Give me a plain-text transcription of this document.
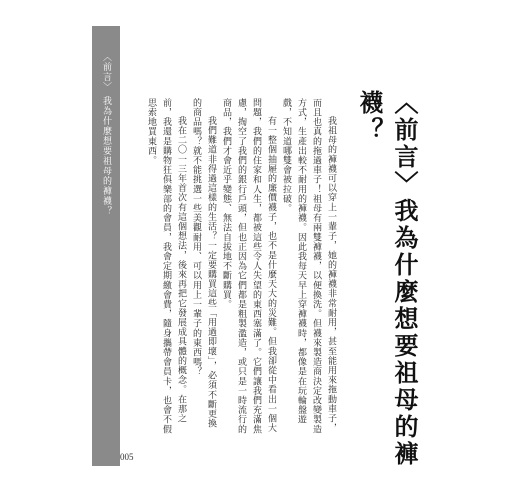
〈前言〉
我為什麼想要祖母的褲襪？	〈前言〉我為什麼想要祖母的褲襪？

我祖母的褲襪可以穿上一輩子，她的褲襪非常耐用，甚至能用來拖動車子，而且也真的拖過車子！祖母有兩雙褲襪，以便換洗。但襪來製造商決定改變製造方式，生產出較不耐用的褲襪。因此我每天早上穿褲襪時，都像是在玩輪盤遊戲，不知道哪雙會被拉破。

有一整個抽屜的廉價襪子，也不是什麼天大的災難。但我卻從中看出一個大問題，我們的住家和人生，都被這些令人失望的東西塞滿了。它們讓我們充滿焦慮，掏空了我們的銀行戶頭，但也正因為它們都是粗製濫造，或只是一時流行的商品，我們才會近乎變態、無法自拔地不斷購買。

我們難道非得過這樣的生活？一定要購買這些「用過即壞」，必須不斷更換的商品嗎？就不能挑選一些美觀耐用、可以用上一輩子的東西嗎？

我在二〇一三年首次有這個想法，後來再把它發展成具體的概念。在那之前，我還是購物狂俱樂部的會員，我會定期繳會費，隨身攜帶會員卡，也會不假思索地買東西。

005
